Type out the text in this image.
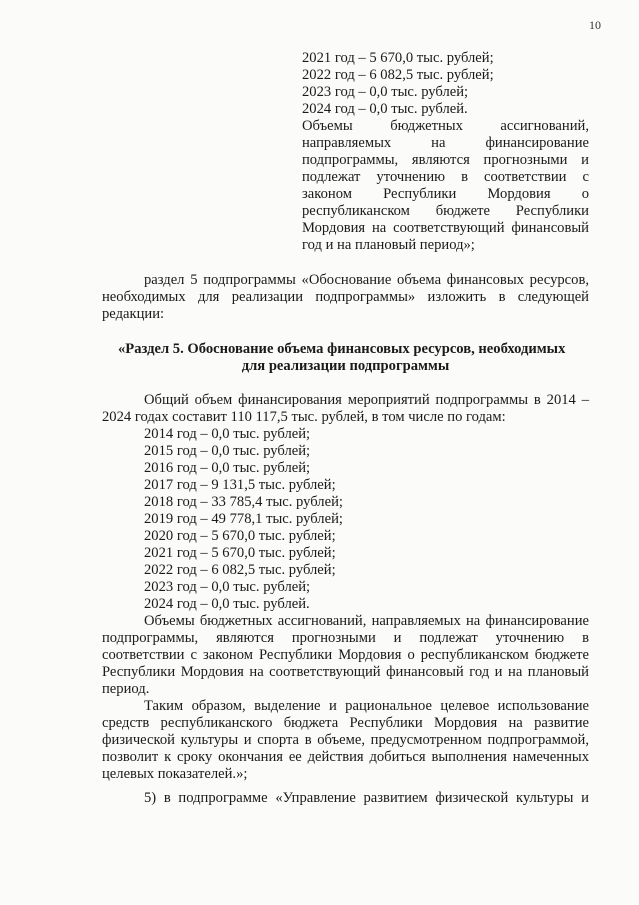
10
2021 год – 5 670,0 тыс. рублей;
2022 год – 6 082,5 тыс. рублей;
2023 год – 0,0 тыс. рублей;
2024 год – 0,0 тыс. рублей.
Объемы бюджетных ассигнований,
направляемых на финансирование
подпрограммы, являются прогнозными и
подлежат уточнению в соответствии с
законом Республики Мордовия о
республиканском бюджете Республики
Мордовия на соответствующий финансовый
год и на плановый период»;
раздел 5 подпрограммы «Обоснование объема финансовых ресурсов,
необходимых для реализации подпрограммы» изложить в следующей
редакции:
«Раздел 5. Обоснование объема финансовых ресурсов, необходимых
для реализации подпрограммы
Общий объем финансирования мероприятий подпрограммы в 2014 –
2024 годах составит 110 117,5 тыс. рублей, в том числе по годам:
2014 год – 0,0 тыс. рублей;
2015 год – 0,0 тыс. рублей;
2016 год – 0,0 тыс. рублей;
2017 год – 9 131,5 тыс. рублей;
2018 год – 33 785,4 тыс. рублей;
2019 год – 49 778,1 тыс. рублей;
2020 год – 5 670,0 тыс. рублей;
2021 год – 5 670,0 тыс. рублей;
2022 год – 6 082,5 тыс. рублей;
2023 год – 0,0 тыс. рублей;
2024 год – 0,0 тыс. рублей.
Объемы бюджетных ассигнований, направляемых на финансирование
подпрограммы, являются прогнозными и подлежат уточнению в
соответствии с законом Республики Мордовия о республиканском бюджете
Республики Мордовия на соответствующий финансовый год и на плановый
период.
Таким образом, выделение и рациональное целевое использование
средств республиканского бюджета Республики Мордовия на развитие
физической культуры и спорта в объеме, предусмотренном подпрограммой,
позволит к сроку окончания ее действия добиться выполнения намеченных
целевых показателей.»;
5) в подпрограмме «Управление развитием физической культуры и
